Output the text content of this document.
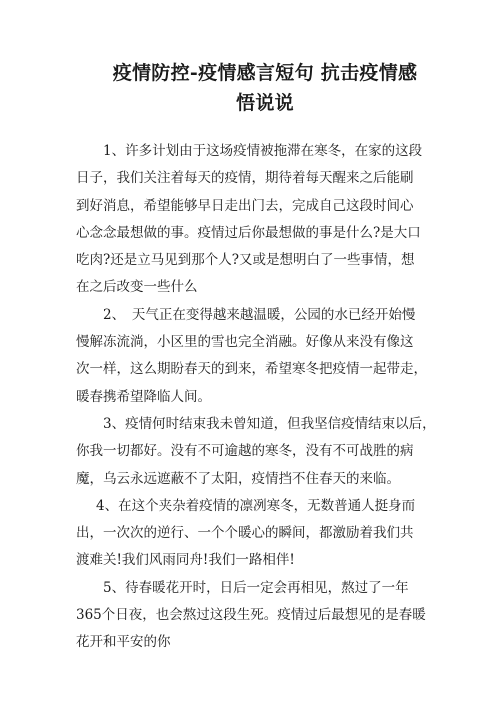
疫情防控-疫情感言短句 抗击疫情感
悟说说

1、许多计划由于这场疫情被拖滞在寒冬，在家的这段
日子，我们关注着每天的疫情，期待着每天醒来之后能刷
到好消息，希望能够早日走出门去，完成自己这段时间心
心念念最想做的事。疫情过后你最想做的事是什么?是大口
吃肉?还是立马见到那个人?又或是想明白了一些事情，想
在之后改变一些什么

2、　天气正在变得越来越温暖，公园的水已经开始慢
慢解冻流淌，小区里的雪也完全消融。好像从来没有像这
次一样，这么期盼春天的到来，希望寒冬把疫情一起带走，
暖春携希望降临人间。

3、疫情何时结束我未曾知道，但我坚信疫情结束以后，
你我一切都好。没有不可逾越的寒冬，没有不可战胜的病
魔，乌云永远遮蔽不了太阳，疫情挡不住春天的来临。

4、在这个夹杂着疫情的凛冽寒冬，无数普通人挺身而
出，一次次的逆行、一个个暖心的瞬间，都激励着我们共
渡难关!我们风雨同舟!我们一路相伴!

5、待春暖花开时，日后一定会再相见，熬过了一年
365个日夜，也会熬过这段生死。疫情过后最想见的是春暖
花开和平安的你
